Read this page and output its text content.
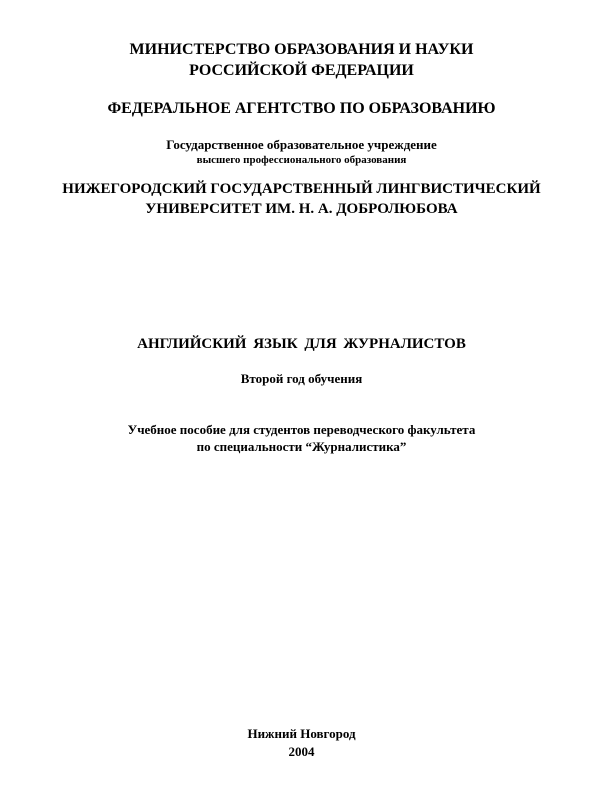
МИНИСТЕРСТВО ОБРАЗОВАНИЯ И НАУКИ
РОССИЙСКОЙ ФЕДЕРАЦИИ
ФЕДЕРАЛЬНОЕ АГЕНТСТВО ПО ОБРАЗОВАНИЮ
Государственное образовательное учреждение
высшего профессионального образования
НИЖЕГОРОДСКИЙ ГОСУДАРСТВЕННЫЙ ЛИНГВИСТИЧЕСКИЙ
УНИВЕРСИТЕТ ИМ. Н. А. ДОБРОЛЮБОВА
АНГЛИЙСКИЙ ЯЗЫК ДЛЯ ЖУРНАЛИСТОВ
Второй год обучения
Учебное пособие для студентов переводческого факультета
по специальности “Журналистика”
Нижний Новгород
2004
